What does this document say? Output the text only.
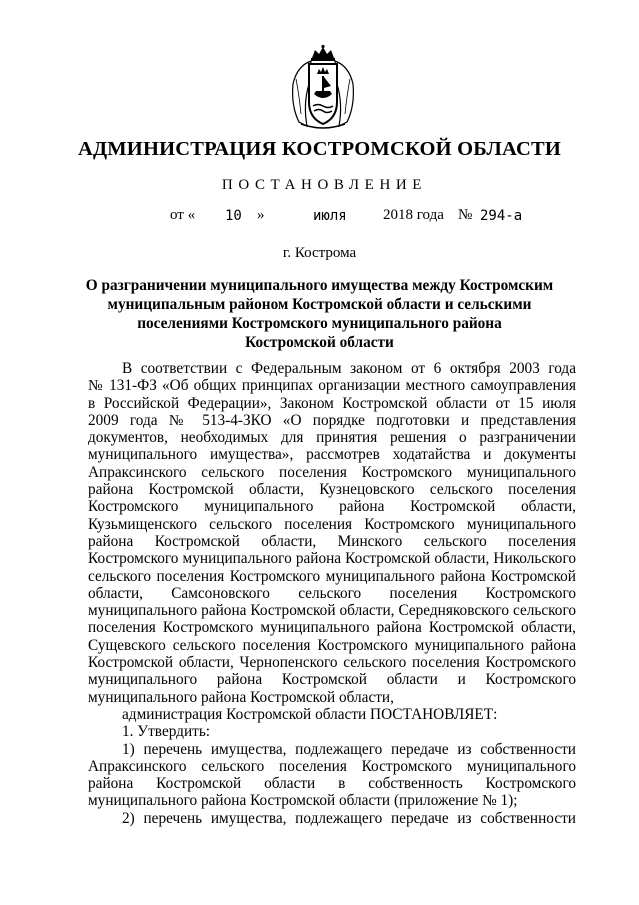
АДМИНИСТРАЦИЯ КОСТРОМСКОЙ ОБЛАСТИ
ПОСТАНОВЛЕНИЕ
от « 10 »	июля 2018 года № 294-а
г. Кострома
О разграничении муниципального имущества между Костромским
муниципальным районом Костромской области и сельскими
поселениями Костромского муниципального района
Костромской области
В соответствии с Федеральным законом от 6 октября 2003 года
№ 131-ФЗ «Об общих принципах организации местного самоуправления
в Российской Федерации», Законом Костромской области от 15 июля
2009 года № 513-4-ЗКО «О порядке подготовки и представления
документов, необходимых для принятия решения о разграничении
муниципального имущества», рассмотрев ходатайства и документы
Апраксинского сельского поселения Костромского муниципального
района Костромской области, Кузнецовского сельского поселения
Костромского муниципального района Костромской области,
Кузьмищенского сельского поселения Костромского муниципального
района Костромской области, Минского сельского поселения
Костромского муниципального района Костромской области, Никольского
сельского поселения Костромского муниципального района Костромской
области, Самсоновского сельского поселения Костромского
муниципального района Костромской области, Середняковского сельского
поселения Костромского муниципального района Костромской области,
Сущевского сельского поселения Костромского муниципального района
Костромской области, Чернопенского сельского поселения Костромского
муниципального района Костромской области и Костромского
муниципального района Костромской области,
администрация Костромской области ПОСТАНОВЛЯЕТ:
1. Утвердить:
1) перечень имущества, подлежащего передаче из собственности
Апраксинского сельского поселения Костромского муниципального
района Костромской области в собственность Костромского
муниципального района Костромской области (приложение № 1);
2) перечень имущества, подлежащего передаче из собственности
